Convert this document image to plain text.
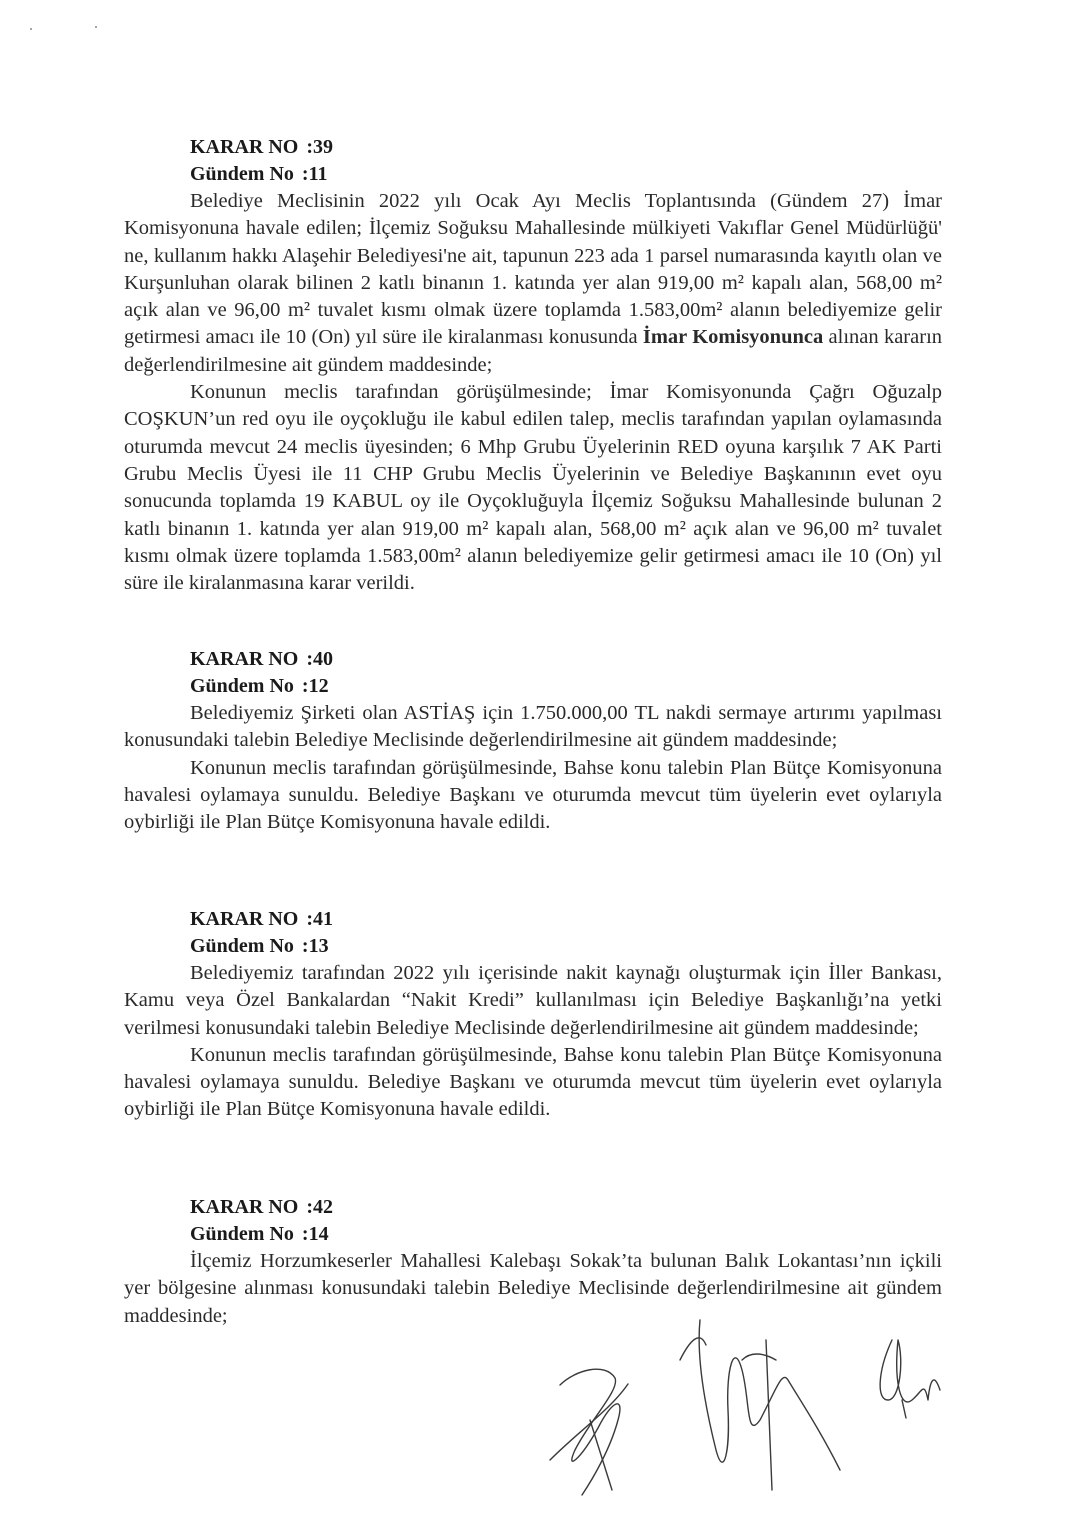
KARAR NO :39
Gündem No :11

Belediye Meclisinin 2022 yılı Ocak Ayı Meclis Toplantısında (Gündem 27) İmar Komisyonuna havale edilen; İlçemiz Soğuksu Mahallesinde mülkiyeti Vakıflar Genel Müdürlüğü' ne, kullanım hakkı Alaşehir Belediyesi'ne ait, tapunun 223 ada 1 parsel numarasında kayıtlı olan ve Kurşunluhan olarak bilinen 2 katlı binanın 1. katında yer alan 919,00 m² kapalı alan, 568,00 m² açık alan ve 96,00 m² tuvalet kısmı olmak üzere toplamda 1.583,00m² alanın belediyemize gelir getirmesi amacı ile 10 (On) yıl süre ile kiralanması konusunda İmar Komisyonunca alınan kararın değerlendirilmesine ait gündem maddesinde;

Konunun meclis tarafından görüşülmesinde; İmar Komisyonunda Çağrı Oğuzalp COŞKUN’un red oyu ile oyçokluğu ile kabul edilen talep, meclis tarafından yapılan oylamasında oturumda mevcut 24 meclis üyesinden; 6 Mhp Grubu Üyelerinin RED oyuna karşılık 7 AK Parti Grubu Meclis Üyesi ile 11 CHP Grubu Meclis Üyelerinin ve Belediye Başkanının evet oyu sonucunda toplamda 19 KABUL oy ile Oyçokluğuyla İlçemiz Soğuksu Mahallesinde bulunan 2 katlı binanın 1. katında yer alan 919,00 m² kapalı alan, 568,00 m² açık alan ve 96,00 m² tuvalet kısmı olmak üzere toplamda 1.583,00m² alanın belediyemize gelir getirmesi amacı ile 10 (On) yıl süre ile kiralanmasına karar verildi.

KARAR NO :40
Gündem No :12

Belediyemiz Şirketi olan ASTİAŞ için 1.750.000,00 TL nakdi sermaye artırımı yapılması konusundaki talebin Belediye Meclisinde değerlendirilmesine ait gündem maddesinde;

Konunun meclis tarafından görüşülmesinde, Bahse konu talebin Plan Bütçe Komisyonuna havalesi oylamaya sunuldu. Belediye Başkanı ve oturumda mevcut tüm üyelerin evet oylarıyla oybirliği ile Plan Bütçe Komisyonuna havale edildi.

KARAR NO :41
Gündem No :13

Belediyemiz tarafından 2022 yılı içerisinde nakit kaynağı oluşturmak için İller Bankası, Kamu veya Özel Bankalardan “Nakit Kredi” kullanılması için Belediye Başkanlığı’na yetki verilmesi konusundaki talebin Belediye Meclisinde değerlendirilmesine ait gündem maddesinde;

Konunun meclis tarafından görüşülmesinde, Bahse konu talebin Plan Bütçe Komisyonuna havalesi oylamaya sunuldu. Belediye Başkanı ve oturumda mevcut tüm üyelerin evet oylarıyla oybirliği ile Plan Bütçe Komisyonuna havale edildi.

KARAR NO :42
Gündem No :14

İlçemiz Horzumkeserler Mahallesi Kalebaşı Sokak’ta bulunan Balık Lokantası’nın içkili yer bölgesine alınması konusundaki talebin Belediye Meclisinde değerlendirilmesine ait gündem maddesinde;
